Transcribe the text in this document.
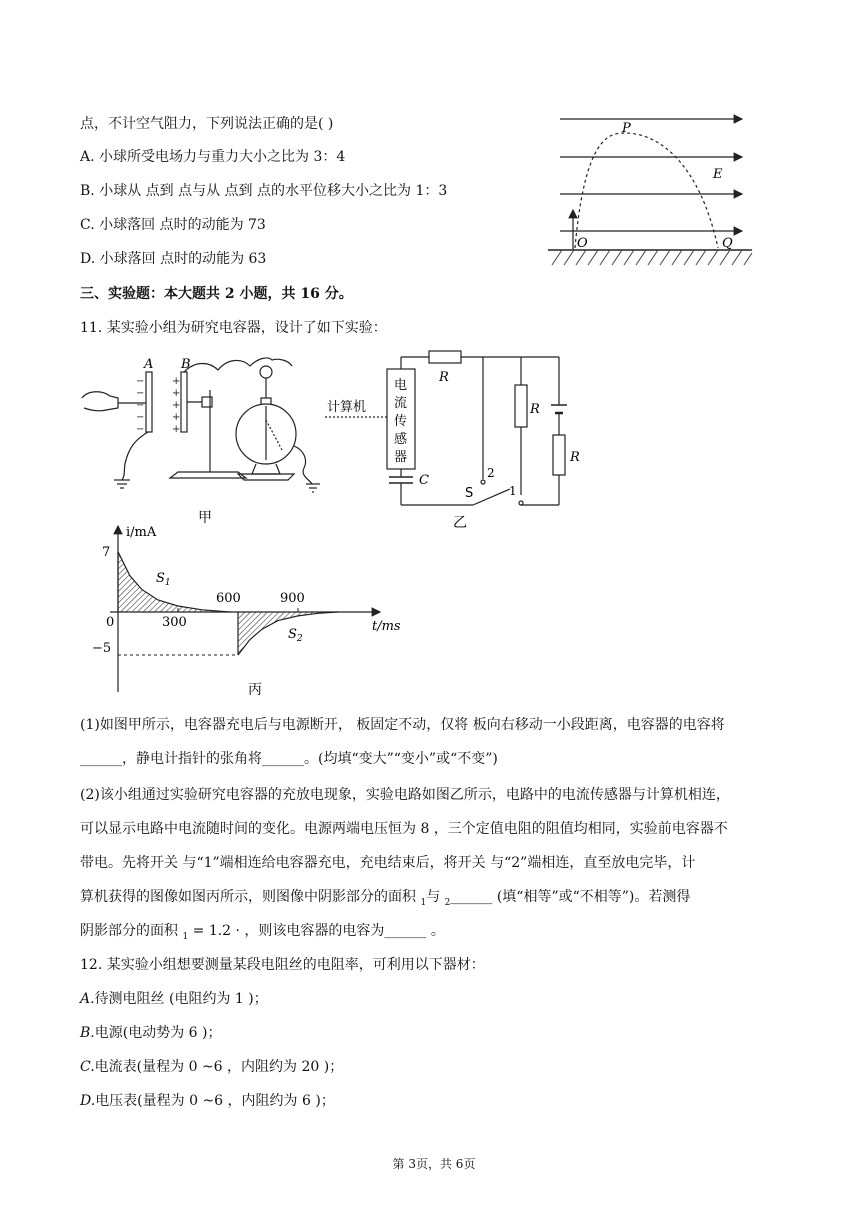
点，不计空气阻力，下列说法正确的是( )
A. 小球所受电场力与重力大小之比为 3：4
B. 小球从 点到 点与从 点到 点的水平位移大小之比为 1：3
C. 小球落回 点时的动能为 73
D. 小球落回 点时的动能为 63
三、实验题：本大题共 2 小题，共 16 分。
11. 某实验小组为研究电容器，设计了如下实验：
P
E
O	Q
−
−
−
−
−
+
+
+
+
+
A B
甲
计算机
电
流
传
感
器
R
R
R
C
S
2
1
乙
i/mA
t/ms
7
−5
0	300
600	900
$S_1$
$S_2$
丙
(1)如图甲所示，电容器充电后与电源断开， 板固定不动，仅将 板向右移动一小段距离，电容器的电容将
______，静电计指针的张角将______。(均填“变大”“变小”或“不变”)
(2)该小组通过实验研究电容器的充放电现象，实验电路如图乙所示，电路中的电流传感器与计算机相连，
可以显示电路中电流随时间的变化。电源两端电压恒为 8 ，三个定值电阻的阻值均相同，实验前电容器不
带电。先将开关 与“1”端相连给电容器充电，充电结束后，将开关 与“2”端相连，直至放电完毕，计
算机获得的图像如图丙所示，则图像中阴影部分的面积 $_1$与 $_2$______ (填“相等”或“不相等”)。若测得
阴影部分的面积 $_1$ = 1.2 · ，则该电容器的电容为______ 。
12. 某实验小组想要测量某段电阻丝的电阻率，可利用以下器材：
A.待测电阻丝 (电阻约为 1 )；
B.电源(电动势为 6 )；
C.电流表(量程为 0 ~6 ，内阻约为 20 )；
D.电压表(量程为 0 ~6 ，内阻约为 6 )；
第 3页，共 6页
